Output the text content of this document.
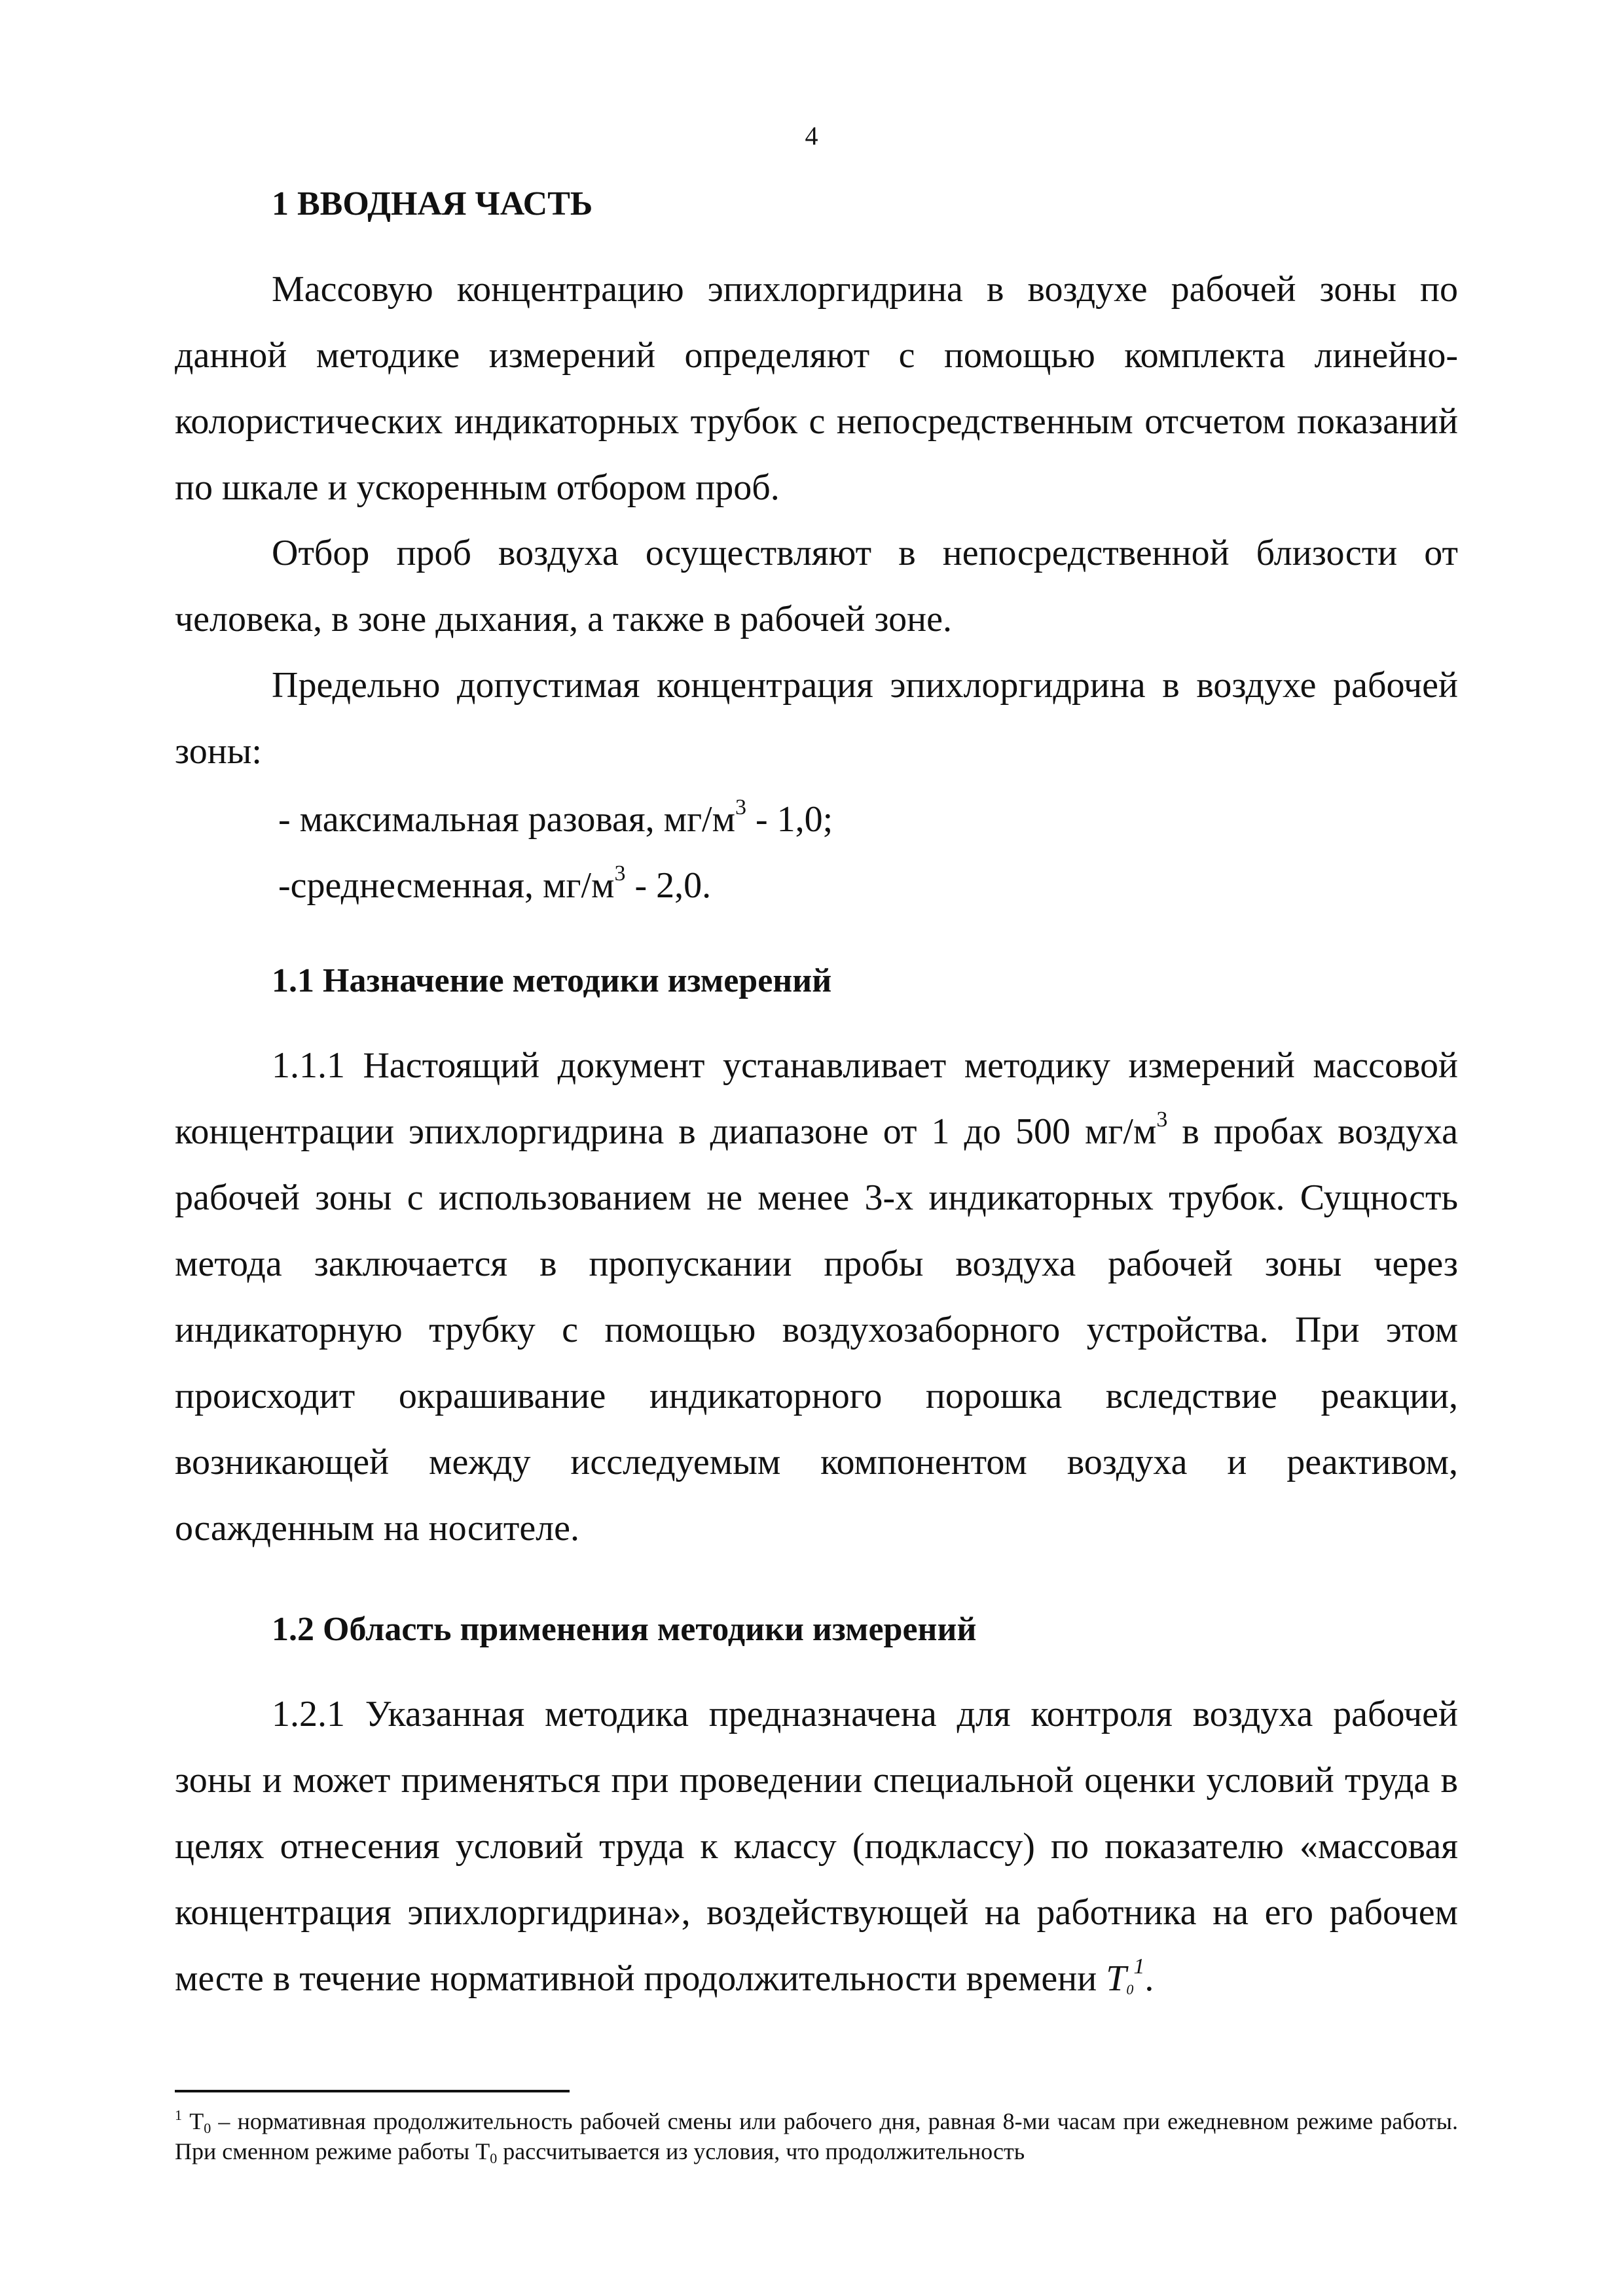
4
1 ВВОДНАЯ ЧАСТЬ

Массовую концентрацию эпихлоргидрина в воздухе рабочей зоны по данной методике измерений определяют с помощью комплекта линейно-колористических индикаторных трубок с непосредственным отсчетом показаний по шкале и ускоренным отбором проб.

Отбор проб воздуха осуществляют в непосредственной близости от человека, в зоне дыхания, а также в рабочей зоне.

Предельно допустимая концентрация эпихлоргидрина в воздухе рабочей зоны:

- максимальная разовая, $мг/м^3 - 1,0$;
-среднесменная, $мг/м^3 - 2,0$.
1.1 Назначение методики измерений

1.1.1 Настоящий документ устанавливает методику измерений массовой концентрации эпихлоргидрина в диапазоне от 1 до 500 $мг/м^3$ в пробах воздуха рабочей зоны с использованием не менее 3-х индикаторных трубок. Сущность метода заключается в пропускании пробы воздуха рабочей зоны через индикаторную трубку с помощью воздухозаборного устройства. При этом происходит окрашивание индикаторного порошка вследствие реакции, возникающей между исследуемым компонентом воздуха и реактивом, осажденным на носителе.

1.2 Область применения методики измерений

1.2.1 Указанная методика предназначена для контроля воздуха рабочей зоны и может применяться при проведении специальной оценки условий труда в целях отнесения условий труда к классу (подклассу) по показателю «массовая концентрация эпихлоргидрина», воздействующей на работника на его рабочем месте в течение нормативной продолжительности времени $T0^1$.

$^1$ Т0 – нормативная продолжительность рабочей смены или рабочего дня, равная 8-ми часам при ежедневном режиме работы. При сменном режиме работы Т0 рассчитывается из условия, что продолжительность
